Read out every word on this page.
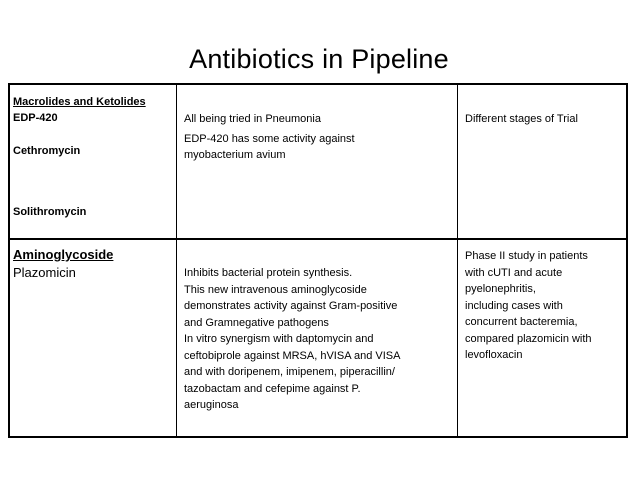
Antibiotics in Pipeline
Macrolides and Ketolides
EDP-420
Cethromycin
Solithromycin
All being tried in Pneumonia
EDP-420 has some activity against
myobacterium avium
Different stages of Trial
Aminoglycoside
Plazomicin	Inhibits bacterial protein synthesis.
This new intravenous aminoglycoside
demonstrates activity against Gram-positive
and Gramnegative pathogens
In vitro synergism with daptomycin and
ceftobiprole against MRSA, hVISA and VISA
and with doripenem, imipenem, piperacillin/
tazobactam and cefepime against P.
aeruginosa
Phase II study in patients
with cUTI and acute
pyelonephritis,
including cases with
concurrent bacteremia,
compared plazomicin with
levofloxacin
